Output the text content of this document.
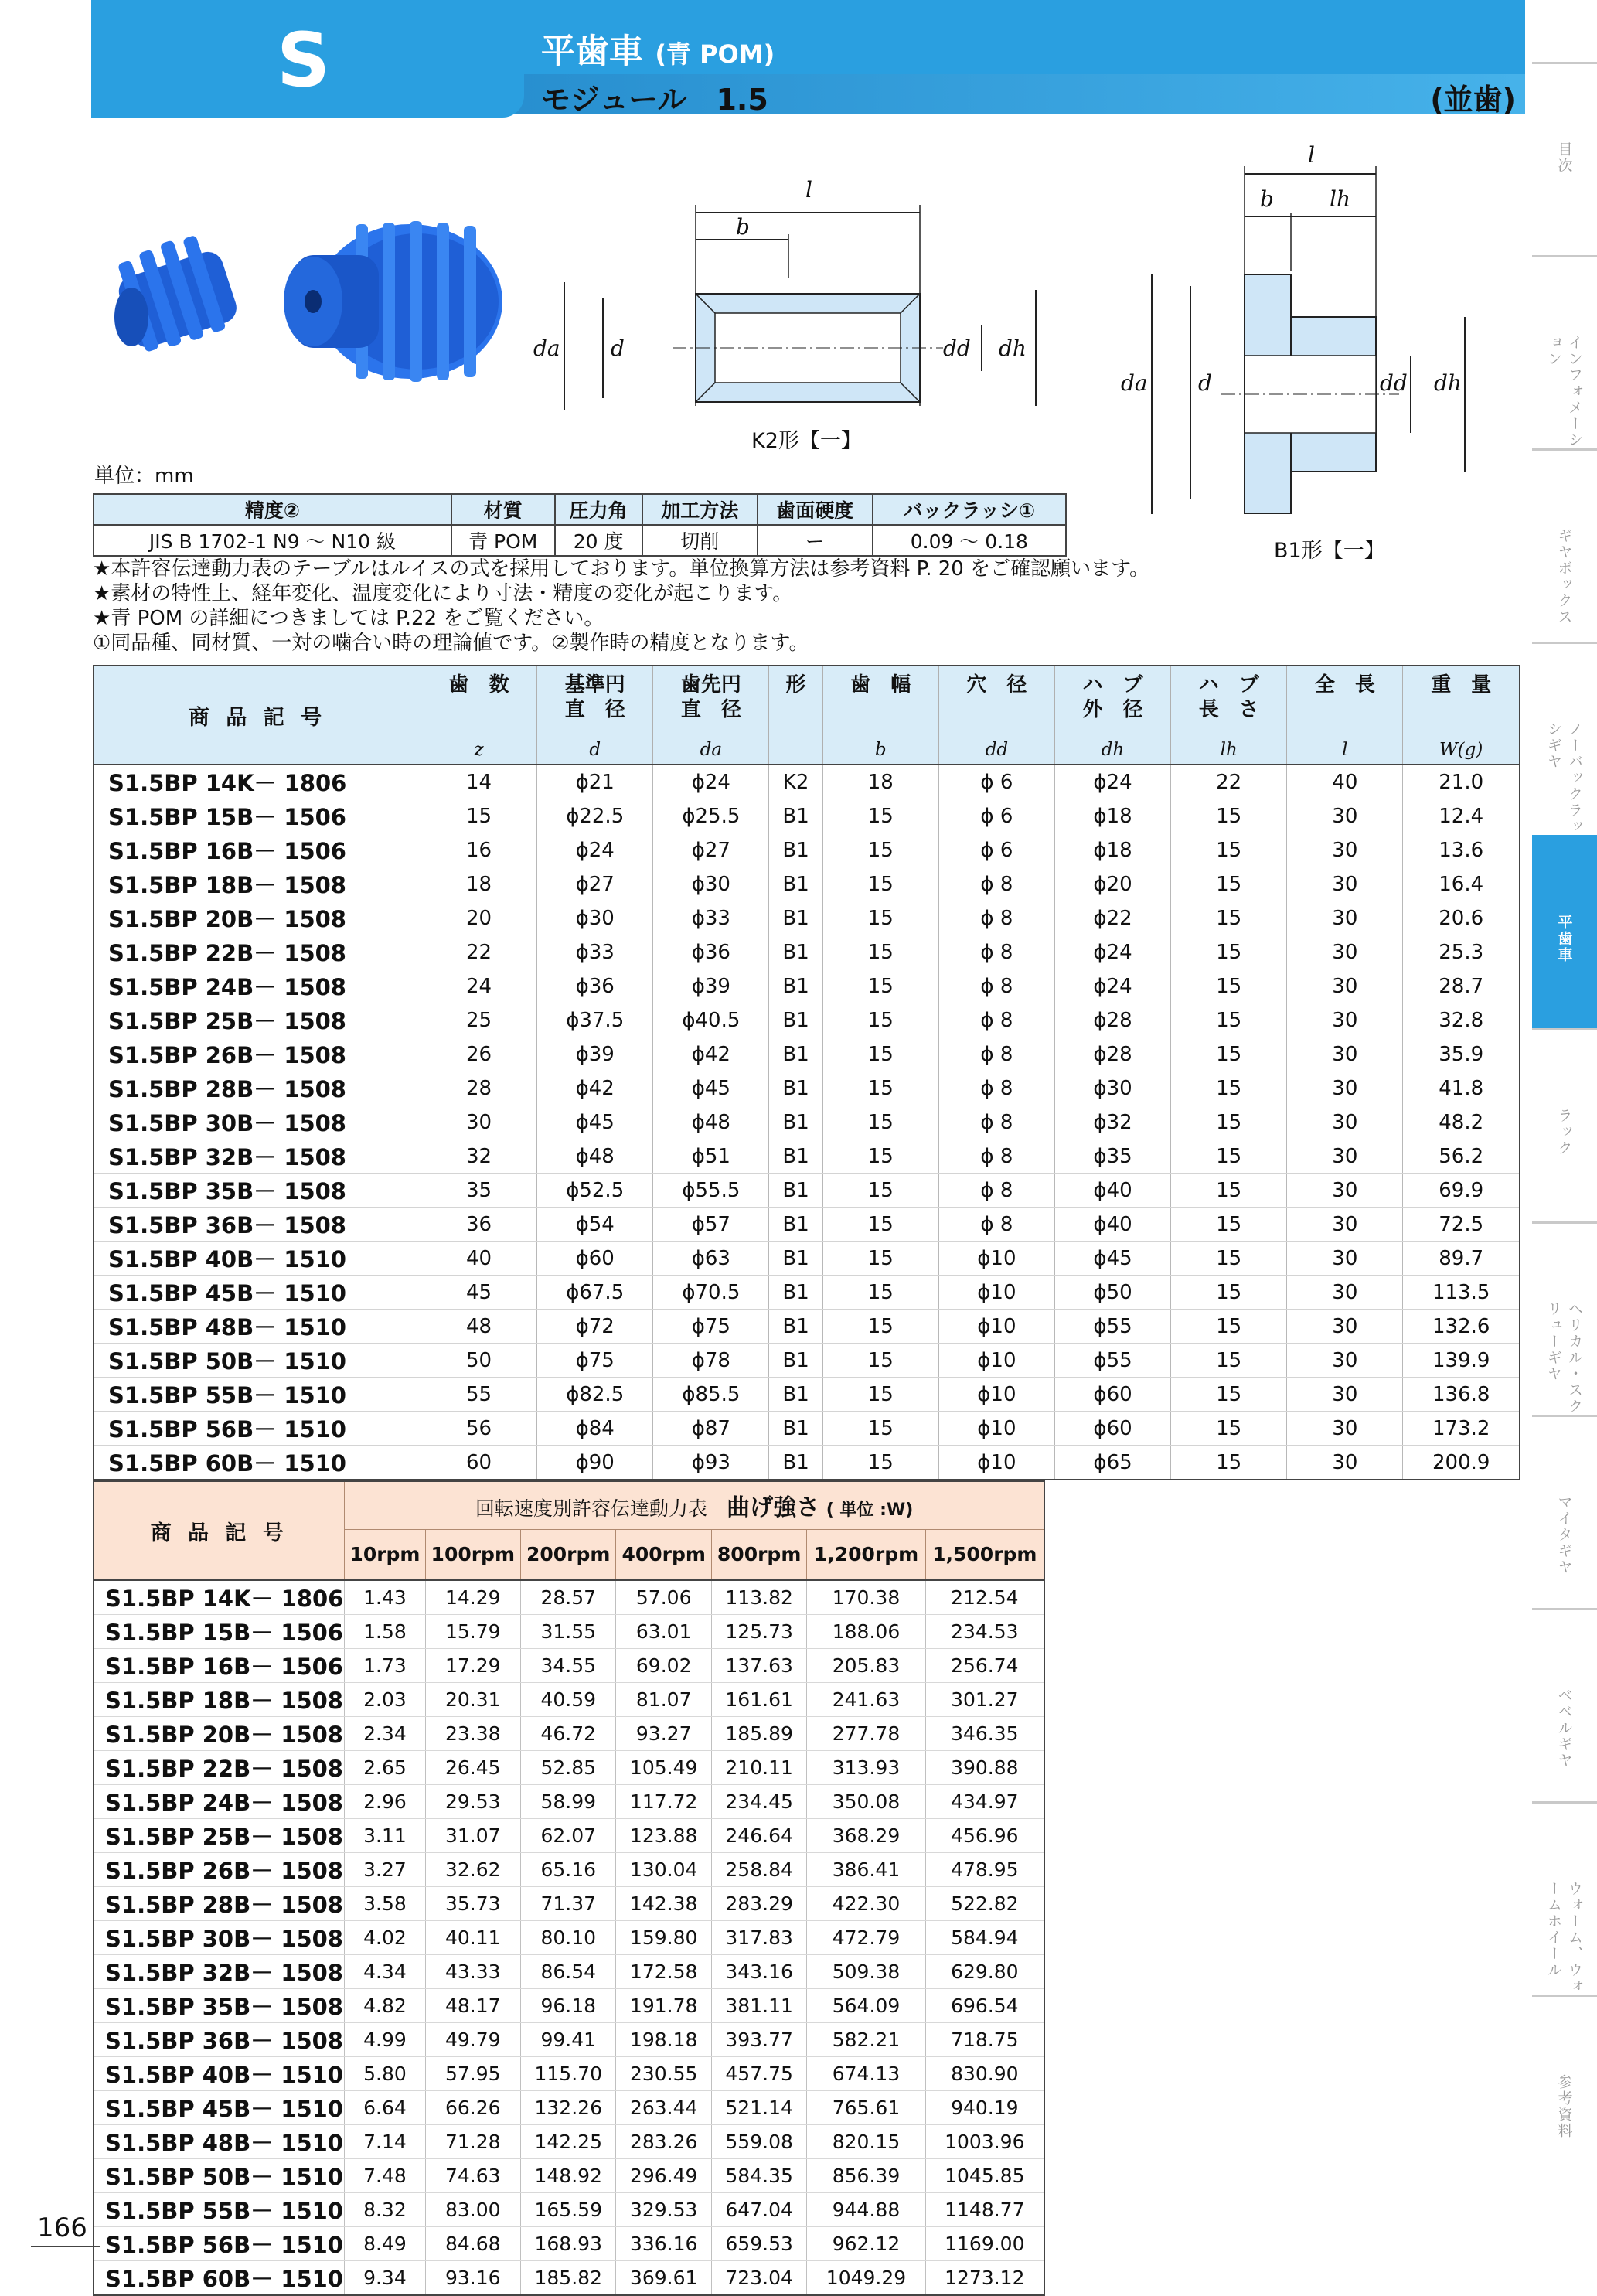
S	平歯車 (青 POM)
モジュール　1.5	(並歯)
目次
インフォメーション
ギヤボックス
ノーバックラッシギヤ
平歯車
ラック
ヘリカル・スクリューギヤ
マイタギヤ
ベベルギヤ
ウォーム、ウォームホイール
参考資料
l
b
da d	dd dh
K2形【一】
l
b	lh
da d	dd dh
B1形【一】
単位：mm
精度②	材質	圧力角	加工方法	歯面硬度	バックラッシ①
JIS B 1702-1 N9 〜 N10 級	青 POM	20 度	切削	ー	0.09 〜 0.18
★本許容伝達動力表のテーブルはルイスの式を採用しております。単位換算方法は参考資料 P. 20 をご確認願います。
★素材の特性上、経年変化、温度変化により寸法・精度の変化が起こります。
★青 POM の詳細につきましては P.22 をご覧ください。
①同品種、同材質、一対の噛合い時の理論値です。②製作時の精度となります。
商 品 記 号	歯　数	基準円
直　径	歯先円
直　径	形	歯　幅	穴　径	ハ　ブ
外　径	ハ　ブ
長　さ	全　長	重　量
	z	d	da		b	dd	dh	lh	l	W(g)
S1.5BP 14K－ 1806	14	ϕ21	ϕ24	K2	18	ϕ 6	ϕ24	22	40	21.0
S1.5BP 15B－ 1506	15	ϕ22.5	ϕ25.5	B1	15	ϕ 6	ϕ18	15	30	12.4
S1.5BP 16B－ 1506	16	ϕ24	ϕ27	B1	15	ϕ 6	ϕ18	15	30	13.6
S1.5BP 18B－ 1508	18	ϕ27	ϕ30	B1	15	ϕ 8	ϕ20	15	30	16.4
S1.5BP 20B－ 1508	20	ϕ30	ϕ33	B1	15	ϕ 8	ϕ22	15	30	20.6
S1.5BP 22B－ 1508	22	ϕ33	ϕ36	B1	15	ϕ 8	ϕ24	15	30	25.3
S1.5BP 24B－ 1508	24	ϕ36	ϕ39	B1	15	ϕ 8	ϕ24	15	30	28.7
S1.5BP 25B－ 1508	25	ϕ37.5	ϕ40.5	B1	15	ϕ 8	ϕ28	15	30	32.8
S1.5BP 26B－ 1508	26	ϕ39	ϕ42	B1	15	ϕ 8	ϕ28	15	30	35.9
S1.5BP 28B－ 1508	28	ϕ42	ϕ45	B1	15	ϕ 8	ϕ30	15	30	41.8
S1.5BP 30B－ 1508	30	ϕ45	ϕ48	B1	15	ϕ 8	ϕ32	15	30	48.2
S1.5BP 32B－ 1508	32	ϕ48	ϕ51	B1	15	ϕ 8	ϕ35	15	30	56.2
S1.5BP 35B－ 1508	35	ϕ52.5	ϕ55.5	B1	15	ϕ 8	ϕ40	15	30	69.9
S1.5BP 36B－ 1508	36	ϕ54	ϕ57	B1	15	ϕ 8	ϕ40	15	30	72.5
S1.5BP 40B－ 1510	40	ϕ60	ϕ63	B1	15	ϕ10	ϕ45	15	30	89.7
S1.5BP 45B－ 1510	45	ϕ67.5	ϕ70.5	B1	15	ϕ10	ϕ50	15	30	113.5
S1.5BP 48B－ 1510	48	ϕ72	ϕ75	B1	15	ϕ10	ϕ55	15	30	132.6
S1.5BP 50B－ 1510	50	ϕ75	ϕ78	B1	15	ϕ10	ϕ55	15	30	139.9
S1.5BP 55B－ 1510	55	ϕ82.5	ϕ85.5	B1	15	ϕ10	ϕ60	15	30	136.8
S1.5BP 56B－ 1510	56	ϕ84	ϕ87	B1	15	ϕ10	ϕ60	15	30	173.2
S1.5BP 60B－ 1510	60	ϕ90	ϕ93	B1	15	ϕ10	ϕ65	15	30	200.9
商 品 記 号	回転速度別許容伝達動力表　 曲げ強さ ( 単位 :W)						
	10rpm	100rpm	200rpm	400rpm	800rpm	1,200rpm	1,500rpm
S1.5BP 14K－ 1806	1.43	14.29	28.57	57.06	113.82	170.38	212.54
S1.5BP 15B－ 1506	1.58	15.79	31.55	63.01	125.73	188.06	234.53
S1.5BP 16B－ 1506	1.73	17.29	34.55	69.02	137.63	205.83	256.74
S1.5BP 18B－ 1508	2.03	20.31	40.59	81.07	161.61	241.63	301.27
S1.5BP 20B－ 1508	2.34	23.38	46.72	93.27	185.89	277.78	346.35
S1.5BP 22B－ 1508	2.65	26.45	52.85	105.49	210.11	313.93	390.88
S1.5BP 24B－ 1508	2.96	29.53	58.99	117.72	234.45	350.08	434.97
S1.5BP 25B－ 1508	3.11	31.07	62.07	123.88	246.64	368.29	456.96
S1.5BP 26B－ 1508	3.27	32.62	65.16	130.04	258.84	386.41	478.95
S1.5BP 28B－ 1508	3.58	35.73	71.37	142.38	283.29	422.30	522.82
S1.5BP 30B－ 1508	4.02	40.11	80.10	159.80	317.83	472.79	584.94
S1.5BP 32B－ 1508	4.34	43.33	86.54	172.58	343.16	509.38	629.80
S1.5BP 35B－ 1508	4.82	48.17	96.18	191.78	381.11	564.09	696.54
S1.5BP 36B－ 1508	4.99	49.79	99.41	198.18	393.77	582.21	718.75
S1.5BP 40B－ 1510	5.80	57.95	115.70	230.55	457.75	674.13	830.90
S1.5BP 45B－ 1510	6.64	66.26	132.26	263.44	521.14	765.61	940.19
S1.5BP 48B－ 1510	7.14	71.28	142.25	283.26	559.08	820.15	1003.96
S1.5BP 50B－ 1510	7.48	74.63	148.92	296.49	584.35	856.39	1045.85
S1.5BP 55B－ 1510	8.32	83.00	165.59	329.53	647.04	944.88	1148.77
S1.5BP 56B－ 1510	8.49	84.68	168.93	336.16	659.53	962.12	1169.00
S1.5BP 60B－ 1510	9.34	93.16	185.82	369.61	723.04	1049.29	1273.12
166
